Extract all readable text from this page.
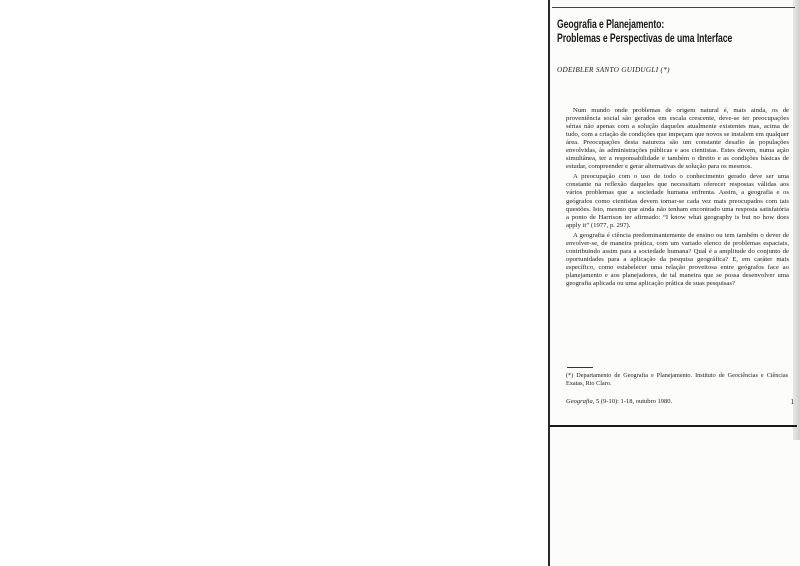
Geografia e Planejamento:
Problemas e Perspectivas de uma Interface
ODEIBLER SANTO GUIDUGLI (*)

Num mundo onde problemas de origem natural é, mais ainda, os de proveniência social são gerados em escala crescente, deve-se ter preocupações sérias não apenas com a solução daqueles atualmente existentes mas, acima de tudo, com a criação de condições que impeçam que novos se instalem em qualquer área. Preocupações desta natureza são um constante desafio às populações envolvidas, às administrações públicas e aos cientistas. Estes devem, numa ação simultânea, ter a responsabilidade e também o direito e as condições básicas de estudar, compreender e gerar alternativas de solução para os mesmos.

A preocupação com o uso de todo o conhecimento gerado deve ser uma constante na reflexão daqueles que necessitam oferecer respostas válidas aos vários problemas que a sociedade humana enfrenta. Assim, a geografia e os geógrafos como cientistas devem tornar-se cada vez mais preocupados com tais questões. Isto, mesmo que ainda não tenham encontrado uma resposta satisfatória a ponto de Harrison ter afirmado: “I know what geography is but no how does apply it” (1977, p. 297).

A geografia é ciência predominantemente de ensino ou tem também o dever de envolver-se, de maneira prática, com um variado elenco de problemas espaciais, contribuindo assim para a sociedade humana? Qual é a amplitude do conjunto de oportunidades para a aplicação da pesquisa geográfica? E, em caráter mais específico, como estabelecer uma relação proveitosa entre geógrafos face ao planejamento e aos planejadores, de tal maneira que se possa desenvolver uma geografia aplicada ou uma aplicação prática de suas pesquisas?

(*) Departamento de Geografia e Planejamento. Instituto de Geociências e Ciências Exatas, Rio Claro.
Geografia, 5 (9-10): 1-18, outubro 1980.	1
